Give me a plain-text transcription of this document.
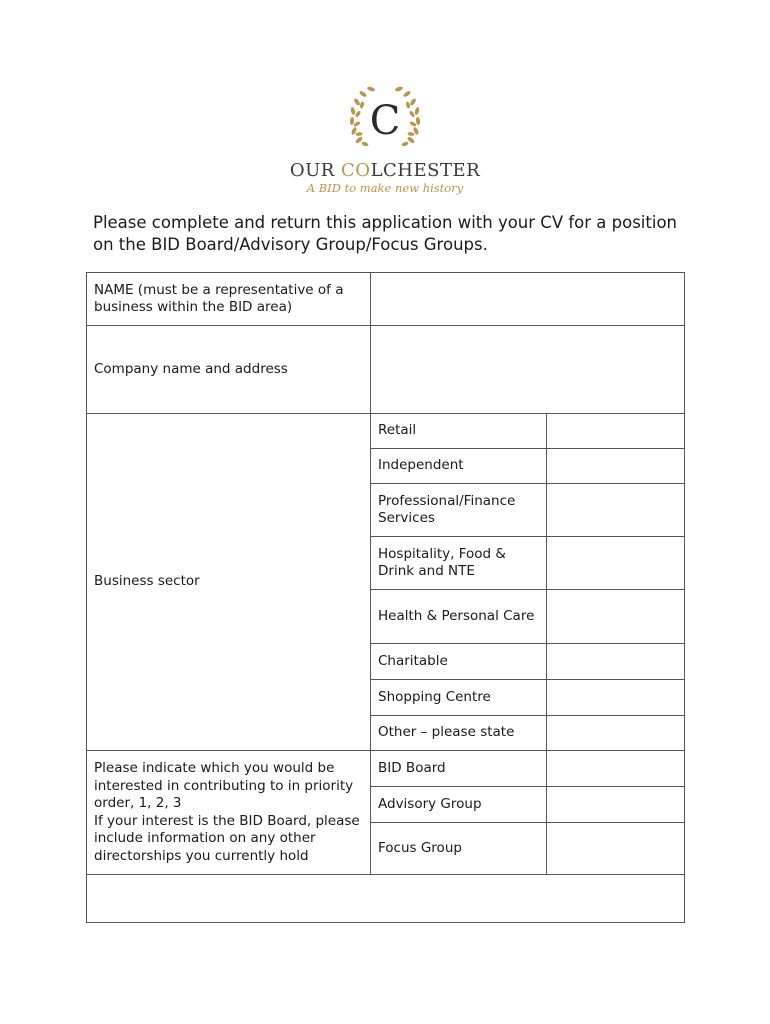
C
OUR COLCHESTER
A BID to make new history
Please complete and return this application with your CV for a position on the BID Board/Advisory Group/Focus Groups.
NAME (must be a representative of a business within the BID area)
Company name and address
Business sector
Retail
Independent
Professional/Finance Services
Hospitality, Food & Drink and NTE
Health & Personal Care
Charitable
Shopping Centre
Other – please state
Please indicate which you would be interested in contributing to in priority order, 1, 2, 3
If your interest is the BID Board, please include information on any other directorships you currently hold
BID Board
Advisory Group
Focus Group
